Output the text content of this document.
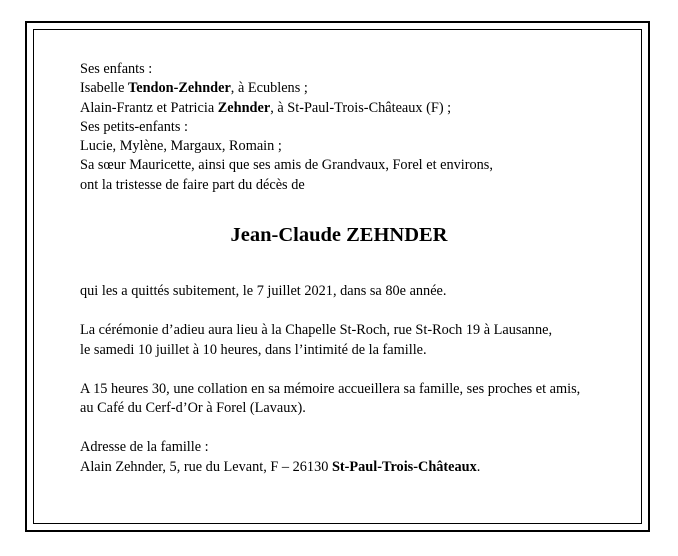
Ses enfants :
Isabelle Tendon-Zehnder, à Ecublens ;
Alain-Frantz et Patricia Zehnder, à St-Paul-Trois-Châteaux (F) ;
Ses petits-enfants :
Lucie, Mylène, Margaux, Romain ;
Sa sœur Mauricette, ainsi que ses amis de Grandvaux, Forel et environs,
ont la tristesse de faire part du décès de
Jean-Claude ZEHNDER
qui les a quittés subitement, le 7 juillet 2021, dans sa 80e année.
La cérémonie d’adieu aura lieu à la Chapelle St-Roch, rue St-Roch 19 à Lausanne,
le samedi 10 juillet à 10 heures, dans l’intimité de la famille.
A 15 heures 30, une collation en sa mémoire accueillera sa famille, ses proches et amis,
au Café du Cerf-d’Or à Forel (Lavaux).
Adresse de la famille :
Alain Zehnder, 5, rue du Levant, F – 26130 St-Paul-Trois-Châteaux.
